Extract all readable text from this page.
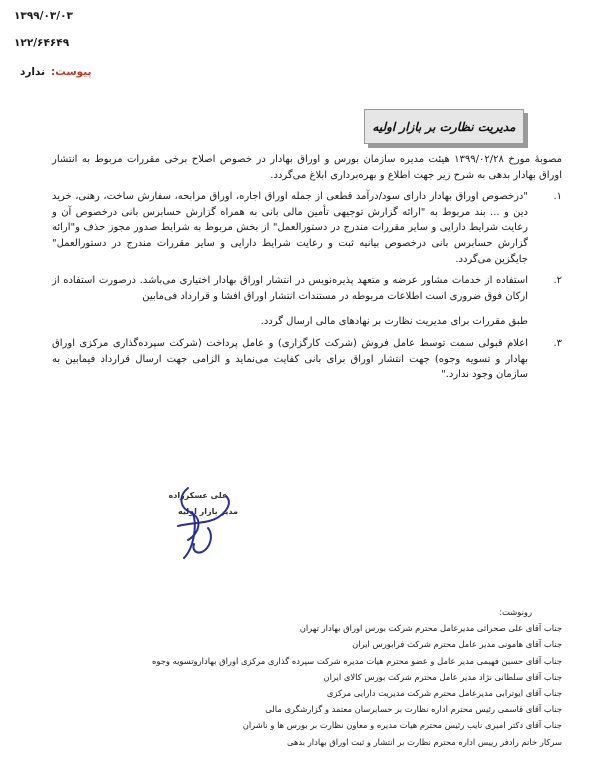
۱۳۹۹/۰۳/۰۳
۱۲۲/۶۴۶۴۹
پیوست:
ندارد
مدیریت نظارت بر بازار اولیه

مصوبهٔ مورخ ۱۳۹۹/۰۲/۲۸ هیئت مدیره سازمان بورس و اوراق بهادار در خصوص اصلاح برخی مقررات مربوط به انتشار اوراق بهادار بدهی به شرح زیر جهت اطلاع و بهره‌برداری ابلاغ می‌گردد.

۱.
"درخصوص اوراق بهادار دارای سود/درآمد قطعی از جمله اوراق اجاره، اوراق مرابحه، سفارش ساخت، رهنی، خرید دین و ... بند مربوط به "ارائه گزارش توجیهی تأمین مالی بانی به همراه گزارش حسابرس بانی درخصوص آن و رعایت شرایط دارایی و سایر مقررات مندرج در دستورالعمل" از بخش مربوط به شرایط صدور مجوز حذف و"ارائه گزارش حسابرس بانی درخصوص بیانیه ثبت و رعایت شرایط دارایی و سایر مقررات مندرج در دستورالعمل" جایگزین می‌گردد.
۲.
استفاده از خدمات مشاور عرضه و متعهد پذیره‌نویس در انتشار اوراق بهادار اختیاری می‌باشد. درصورت استفاده از ارکان فوق ضروری است اطلاعات مربوطه در مستندات انتشار اوراق افشا و قرارداد فی‌مابین
طبق مقررات برای مدیریت نظارت بر نهادهای مالی ارسال گردد.
۳.
اعلام قبولی سمت توسط عامل فروش (شرکت کارگزاری) و عامل پرداخت (شرکت سپرده‌گذاری مرکزی اوراق بهادار و تسویه وجوه) جهت انتشار اوراق برای بانی کفایت می‌نماید و الزامی جهت ارسال قرارداد فیمابین به سازمان وجود ندارد."
علی عسکرزاده
مدیر بازار اولیه
رونوشت:
جناب آقای علی صحرائی مدیرعامل محترم شرکت بورس اوراق بهادار تهران
جناب آقای هامونی مدیر عامل محترم شرکت فرابورس ایران
جناب آقای حسین فهیمی مدیر عامل و عضو محترم هیات مدیره شرکت سپرده گذاری مرکزی اوراق بهاداروتسویه وجوه
جناب آقای سلطانی نژاد مدیر عامل محترم شرکت بورس کالای ایران
جناب آقای ایوترابی مدیرعامل محترم شرکت مدیریت دارایی مرکزی
جناب آقای قاسمی رئیس محترم اداره نظارت بر حسابرسان معتمد و گزارشگری مالی
جناب آقای دکتر امیری نایب رئیس محترم هیات مدیره و معاون نظارت بر بورس ها و ناشران
سرکار خانم رادفر رییس اداره محترم نظارت بر انتشار و ثبت اوراق بهادار بدهی
